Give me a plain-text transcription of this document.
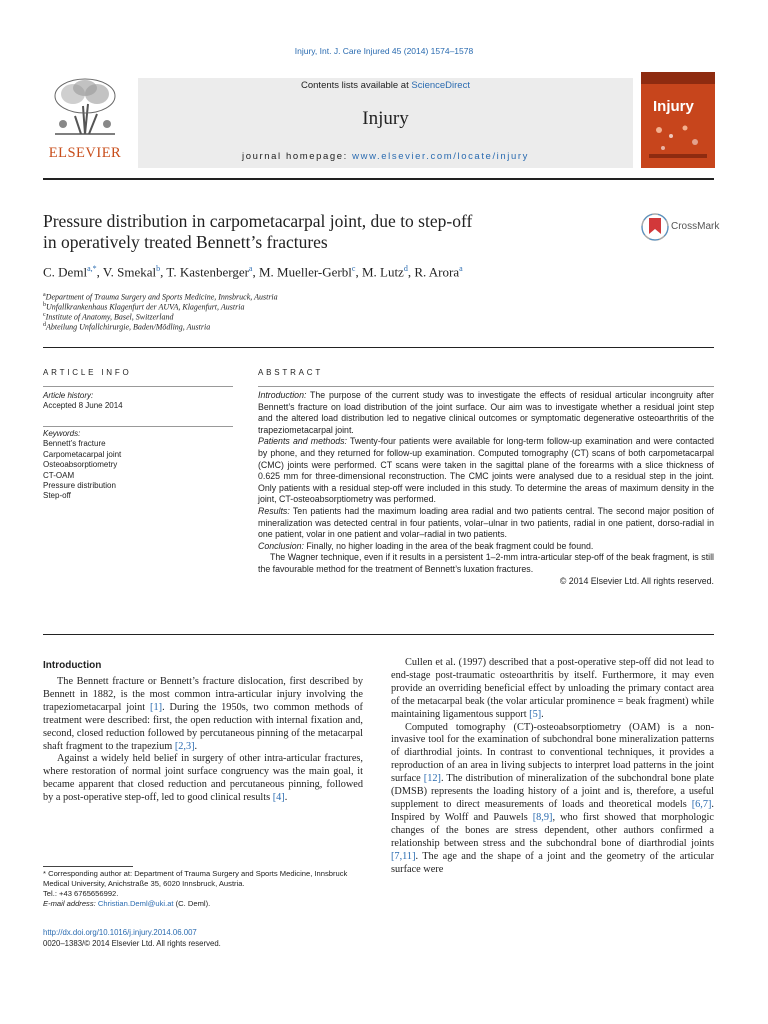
Injury, Int. J. Care Injured 45 (2014) 1574–1578
ELSEVIER
Contents lists available at ScienceDirect
Injury
journal homepage: www.elsevier.com/locate/injury
Injury
Pressure distribution in carpometacarpal joint, due to step-off
in operatively treated Bennett’s fractures
CrossMark
C. Deml$^{a,*}$, V. Smekal$^b$, T. Kastenberger$^a$, M. Mueller-Gerbl$^c$, M. Lutz$^d$, R. Arora$^a$
$^a$Department of Trauma Surgery and Sports Medicine, Innsbruck, Austria
$^b$Unfallkrankenhaus Klagenfurt der AUVA, Klagenfurt, Austria
$^c$Institute of Anatomy, Basel, Switzerland
$^d$Abteilung Unfallchirurgie, Baden/Mödling, Austria
ARTICLE INFO
Article history:
Accepted 8 June 2014
Keywords:
Bennett’s fracture
Carpometacarpal joint
Osteoabsorptiometry
CT-OAM
Pressure distribution
Step-off
ABSTRACT

Introduction: The purpose of the current study was to investigate the effects of residual articular incongruity after Bennett’s fracture on load distribution of the joint surface. Our aim was to investigate whether a residual joint step and the altered load distribution led to negative clinical outcomes or symptomatic degenerative osteoarthritis of the trapeziometacarpal joint.

Patients and methods: Twenty-four patients were available for long-term follow-up examination and were contacted by phone, and they returned for follow-up examination. Computed tomography (CT) scans of both carpometacarpal (CMC) joints were performed. CT scans were taken in the sagittal plane of the forearms with a slice thickness of 0.625 mm for three-dimensional reconstruction. The CMC joints were analysed due to a residual step in the joint. Only patients with a residual step-off were included in this study. To determine the areas of maximum density in the joint, CT-osteoabsorptiometry was performed.

Results: Ten patients had the maximum loading area radial and two patients central. The second major position of mineralization was detected central in four patients, volar–ulnar in two patients, radial in one patient, dorso-radial in one patient, volar in one patient and volar–radial in two patients.

Conclusion: Finally, no higher loading in the area of the beak fragment could be found.

The Wagner technique, even if it results in a persistent 1–2-mm intra-articular step-off of the beak fragment, is still the favourable method for the treatment of Bennett’s luxation fractures.

© 2014 Elsevier Ltd. All rights reserved.

Introduction

The Bennett fracture or Bennett’s fracture dislocation, first described by Bennett in 1882, is the most common intra-articular injury involving the trapeziometacarpal joint [1]. During the 1950s, two common methods of treatment were described: first, the open reduction with internal fixation and, second, closed reduction followed by percutaneous pinning of the metacarpal shaft fragment to the trapezium [2,3].

Against a widely held belief in surgery of other intra-articular fractures, where restoration of normal joint surface congruency was the main goal, it became apparent that closed reduction and percutaneous pinning, followed by a post-operative step-off, led to good clinical results [4].

Cullen et al. (1997) described that a post-operative step-off did not lead to end-stage post-traumatic osteoarthritis by itself. Furthermore, it may even provide an overriding beneficial effect by unloading the primary contact area of the metacarpal beak (the volar articular prominence = beak fragment) while maintaining ligamentous support [5].

Computed tomography (CT)-osteoabsorptiometry (OAM) is a non-invasive tool for the examination of subchondral bone mineralization patterns of diarthrodial joints. In contrast to conventional techniques, it provides a reproduction of an area in living subjects to interpret load patterns in the joint surface [12]. The distribution of mineralization of the subchondral bone plate (DMSB) represents the loading history of a joint and is, therefore, a useful supplement to direct measurements of loads and theoretical models [6,7]. Inspired by Wolff and Pauwels [8,9], who first showed that morphologic changes of the bones are stress dependent, other authors confirmed a relationship between stress and the subchondral bone of diarthrodial joints [7,11]. The age and the shape of a joint and the geometry of the articular surface were

* Corresponding author at: Department of Trauma Surgery and Sports Medicine, Innsbruck Medical University, Anichstraße 35, 6020 Innsbruck, Austria.
Tel.: +43 6765656992.
E-mail address: Christian.Deml@uki.at (C. Deml).
http://dx.doi.org/10.1016/j.injury.2014.06.007
0020–1383/© 2014 Elsevier Ltd. All rights reserved.
